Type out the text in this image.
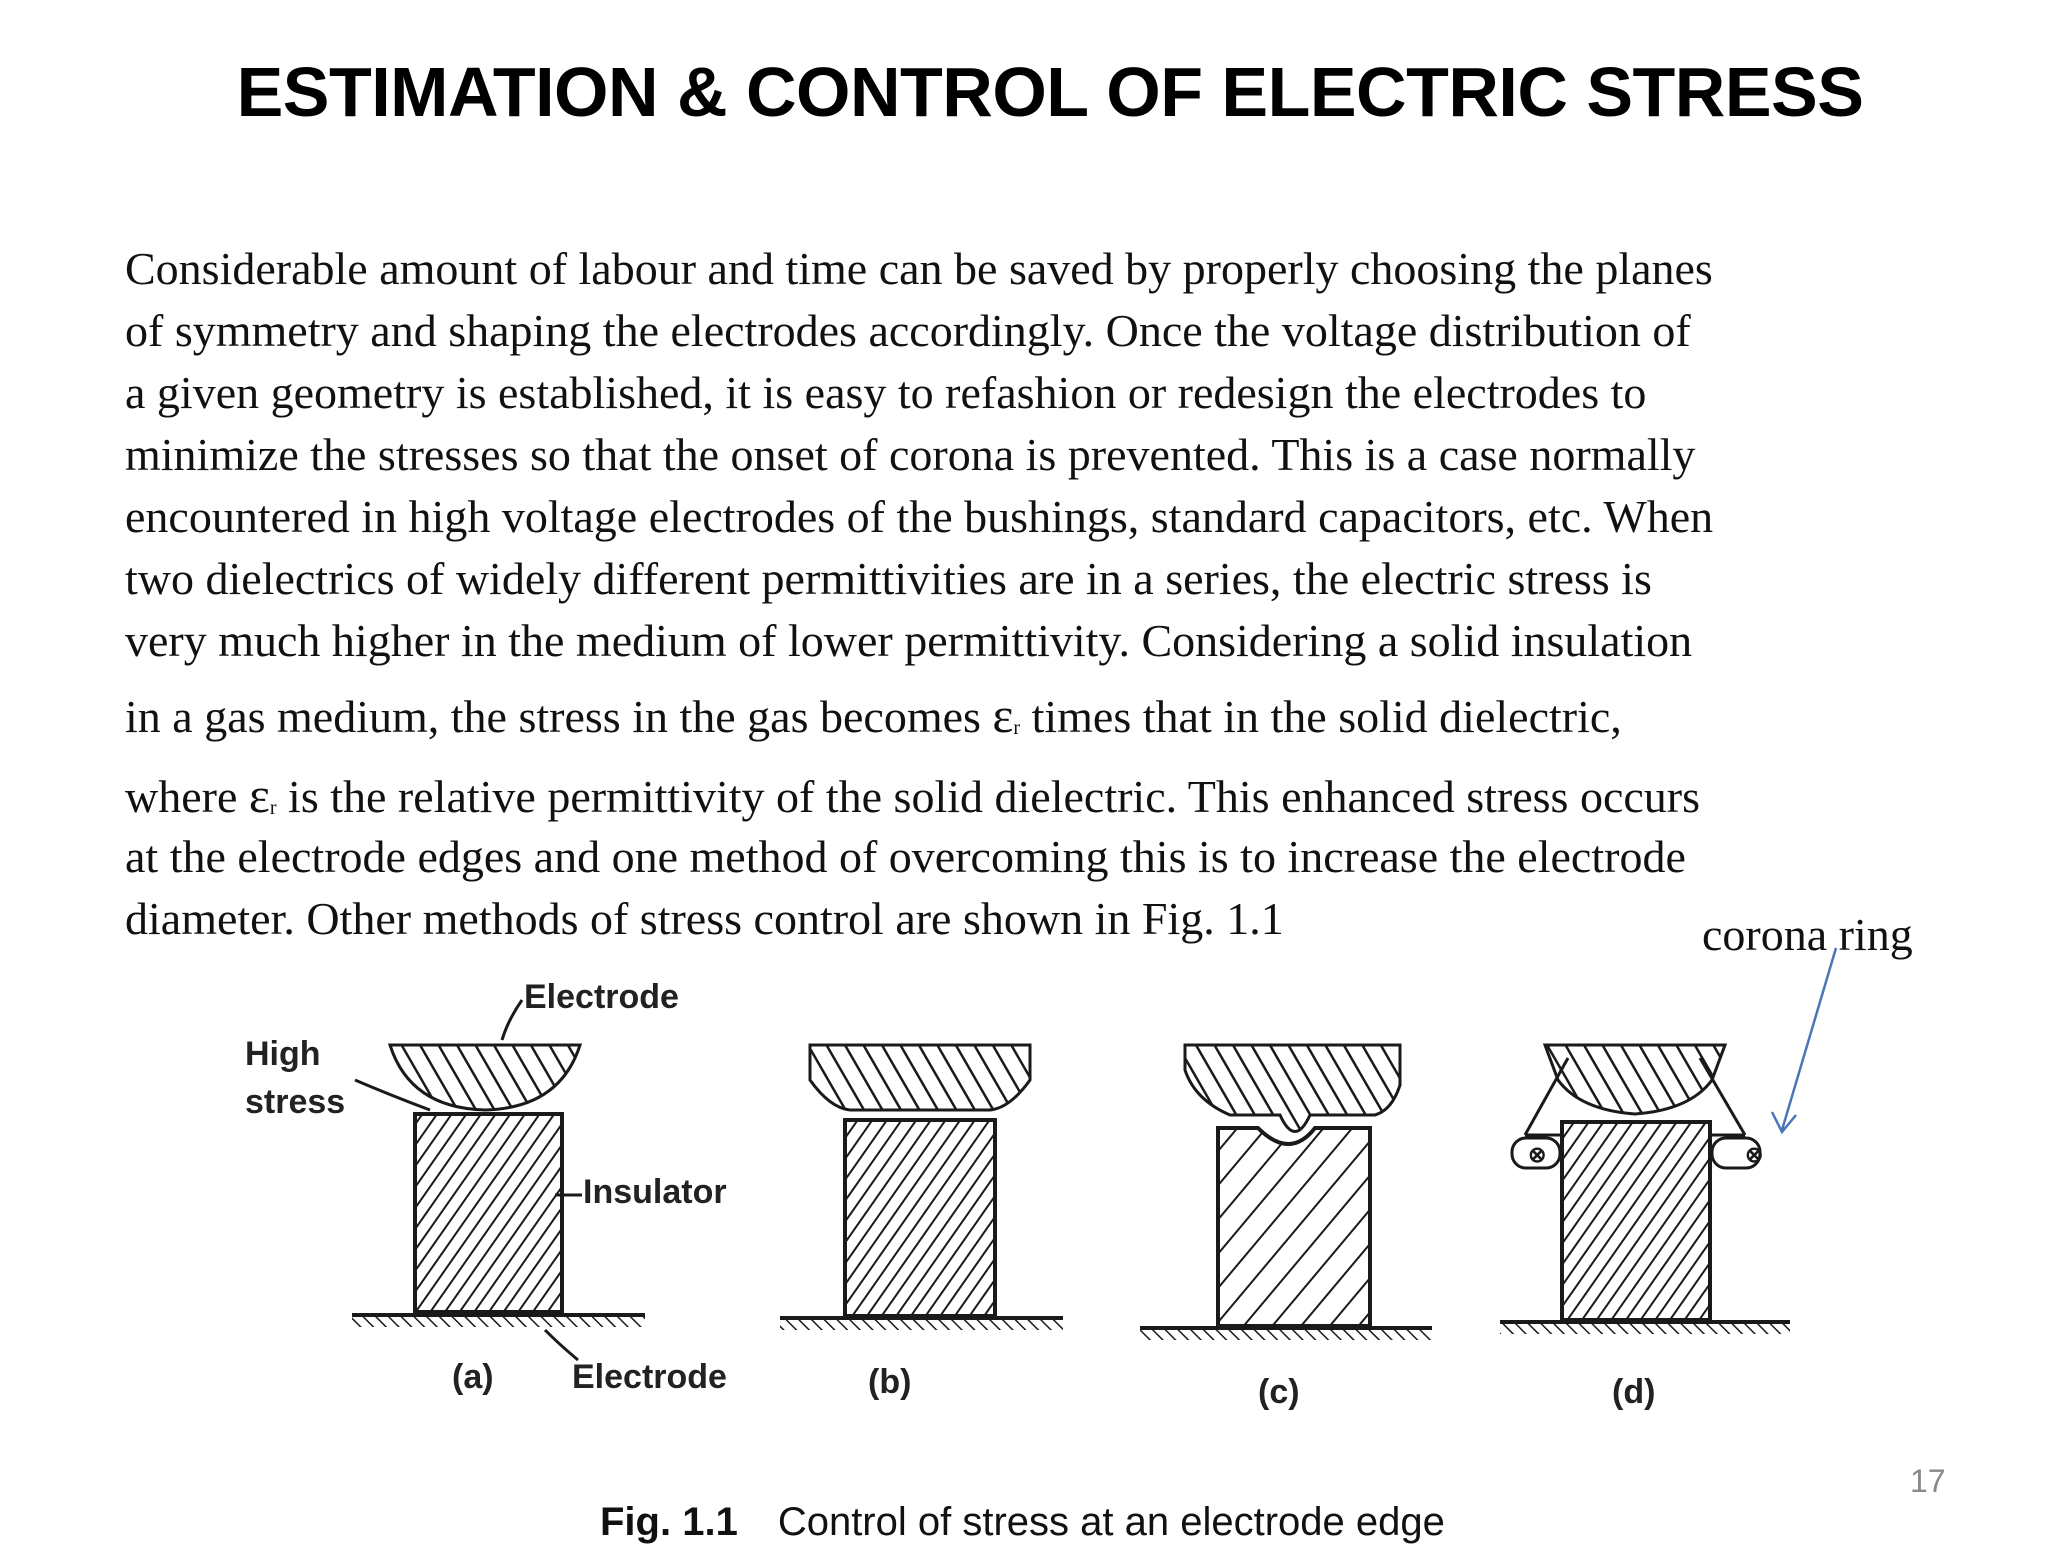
ESTIMATION & CONTROL OF ELECTRIC STRESS
Considerable amount of labour and time can be saved by properly choosing the planes
of symmetry and shaping the electrodes accordingly. Once the voltage distribution of
a given geometry is established, it is easy to refashion or redesign the electrodes to
minimize the stresses so that the onset of corona is prevented. This is a case normally
encountered in high voltage electrodes of the bushings, standard capacitors, etc. When
two dielectrics of widely different permittivities are in a series, the electric stress is
very much higher in the medium of lower permittivity. Considering a solid insulation
in a gas medium, the stress in the gas becomes εr times that in the solid dielectric,
where εr is the relative permittivity of the solid dielectric. This enhanced stress occurs
at the electrode edges and one method of overcoming this is to increase the electrode
diameter. Other methods of stress control are shown in Fig. 1.1	corona ring
⊗	⊗
Electrode
High
stress
Insulator
Electrode
(a)	(b)	(c)	(d)
Fig. 1.1 Control of stress at an electrode edge
17
